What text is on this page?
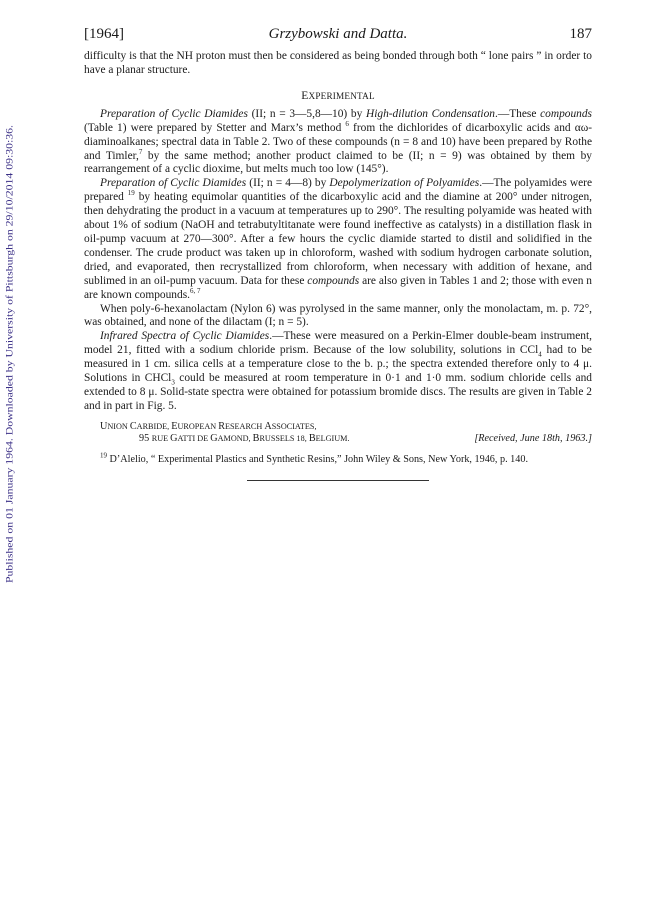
Published on 01 January 1964. Downloaded by University of Pittsburgh on 29/10/2014 09:30:36.
[1964]	Grzybowski and Datta.	187

difficulty is that the NH proton must then be considered as being bonded through both “ lone pairs ” in order to have a planar structure.

EXPERIMENTAL

Preparation of Cyclic Diamides (II; n = 3—5,8—10) by High-dilution Condensation.—These compounds (Table 1) were prepared by Stetter and Marx’s method $^6$ from the dichlorides of dicarboxylic acids and αω-diaminoalkanes; spectral data in Table 2. Two of these compounds (n = 8 and 10) have been prepared by Rothe and Timler,$^7$ by the same method; another product claimed to be (II; n = 9) was obtained by them by rearrangement of a cyclic dioxime, but melts much too low (145°).

Preparation of Cyclic Diamides (II; n = 4—8) by Depolymerization of Polyamides.—The polyamides were prepared $^{19}$ by heating equimolar quantities of the dicarboxylic acid and the diamine at 200° under nitrogen, then dehydrating the product in a vacuum at temperatures up to 290°. The resulting polyamide was heated with about 1% of sodium (NaOH and tetrabutyltitanate were found ineffective as catalysts) in a distillation flask in oil-pump vacuum at 270—300°. After a few hours the cyclic diamide started to distil and solidified in the condenser. The crude product was taken up in chloroform, washed with sodium hydrogen carbonate solution, dried, and evaporated, then recrystallized from chloroform, when necessary with addition of hexane, and sublimed in an oil-pump vacuum. Data for these compounds are also given in Tables 1 and 2; those with even n are known compounds.$^{6, 7}$

When poly-6-hexanolactam (Nylon 6) was pyrolysed in the same manner, only the monolactam, m. p. 72°, was obtained, and none of the dilactam (I; n = 5).

Infrared Spectra of Cyclic Diamides.—These were measured on a Perkin-Elmer double-beam instrument, model 21, fitted with a sodium chloride prism. Because of the low solubility, solutions in CCl$_4$ had to be measured in 1 cm. silica cells at a temperature close to the b. p.; the spectra extended therefore only to 4 μ. Solutions in CHCl$_3$ could be measured at room temperature in 0·1 and 1·0 mm. sodium chloride cells and extended to 8 μ. Solid-state spectra were obtained for potassium bromide discs. The results are given in Table 2 and in part in Fig. 5.

UNION CARBIDE, EUROPEAN RESEARCH ASSOCIATES,
95 RUE GATTI DE GAMOND, BRUSSELS 18, BELGIUM.	[Received, June 18th, 1963.]

$^{19}$ D’Alelio, “ Experimental Plastics and Synthetic Resins,” John Wiley & Sons, New York, 1946, p. 140.
